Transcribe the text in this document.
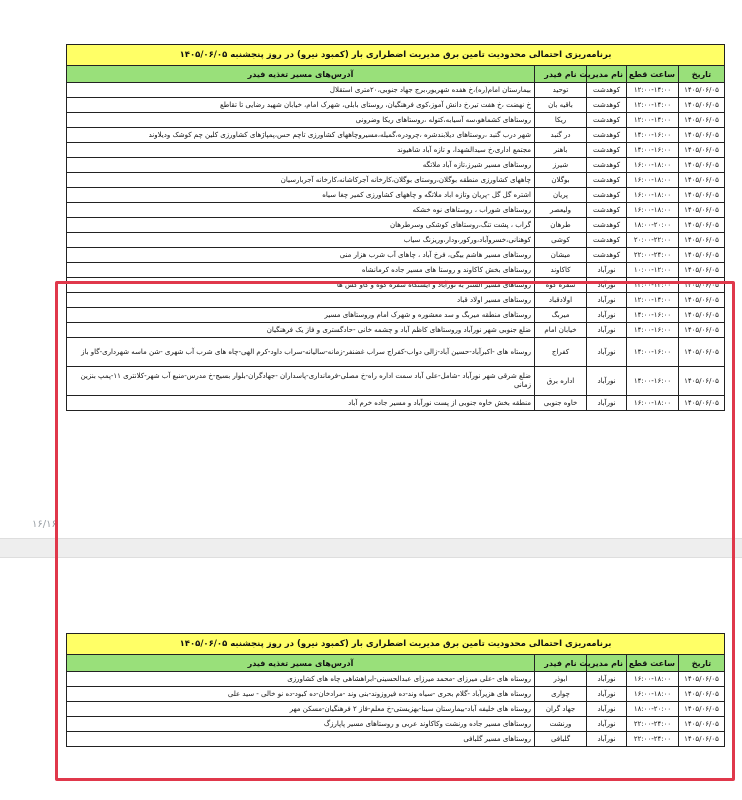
۱۶/۱۶
برنامه‌ریزی احتمالی محدودیت تامین برق مدیریت اضطراری بار (کمبود نیرو) در روز پنجشنبه ۱۴۰۵/۰۶/۰۵				
تاریخ	ساعت قطع	نام مدیریت	نام فیدر	آدرس‌های مسیر تغذیه فیدر
۱۴۰۵/۰۶/۰۵	۱۲:۰۰-۱۴:۰۰	کوهدشت	توحید	بیمارستان امام(ره)،خ هفده شهریور،برج جهاد جنوبی،۲۰متری استقلال
۱۴۰۵/۰۶/۰۵	۱۲:۰۰-۱۴:۰۰	کوهدشت	باقیه بان	خ نهضت ،خ هفت تیر،خ دانش آموز،کوی فرهنگیان، روستای بابلی، شهرک امام، خیابان شهید رضایی تا تقاطع
۱۴۰۵/۰۶/۰۵	۱۲:۰۰-۱۴:۰۰	کوهدشت	ریکا	روستاهای کشماهو،سه آسیابه،کتوله ،روستاهای ریکا وضرونی
۱۴۰۵/۰۶/۰۵	۱۴:۰۰-۱۶:۰۰	کوهدشت	در گنبد	شهر درب گنبد ،روستاهای دیلابندشره ،چرودره،گمیله،مسیروچاههای کشاورزی تاچم حس،پمپاژهای کشاورزی کلین چم کوشک ودیلاوند
۱۴۰۵/۰۶/۰۵	۱۴:۰۰-۱۶:۰۰	کوهدشت	باهنر	مجتمع اداری،خ سیدالشهدا، و تازه آباد شاهیوند
۱۴۰۵/۰۶/۰۵	۱۶:۰۰-۱۸:۰۰	کوهدشت	شیرز	روستاهای مسیر شیرز،تازه آباد ملاتگه
۱۴۰۵/۰۶/۰۵	۱۶:۰۰-۱۸:۰۰	کوهدشت	بوگلان	چاههای کشاورزی منطقه بوگلان،روستای بوگلان،کارخانه آجرکاشانه،کارخانه آجربارسیان
۱۴۰۵/۰۶/۰۵	۱۶:۰۰-۱۸:۰۰	کوهدشت	پریان	اشتره گل گل -پریان وتازه اباد ملاتگه و چاههای کشاورزی کمیر چغا سیاه
۱۴۰۵/۰۶/۰۵	۱۶:۰۰-۱۸:۰۰	کوهدشت	ولیعصر	روستاهای شوراب ، روستاهای نوه خشکه
۱۴۰۵/۰۶/۰۵	۱۸:۰۰-۲۰:۰۰	کوهدشت	طرهان	گراب ، پشت تنگ،روستاهای کوشکی وسرطرهان
۱۴۰۵/۰۶/۰۵	۲۰:۰۰-۲۲:۰۰	کوهدشت	کوشی	کوهنانی،خسروآباد،ورکور،ودار،وریزنگ سیاب
۱۴۰۵/۰۶/۰۵	۲۲:۰۰-۲۴:۰۰	کوهدشت	میشان	روستاهای مسیر هاشم بیگی، فرخ آباد ، چاهای آب شرب هزار منی
۱۴۰۵/۰۶/۰۵	۱۰:۰۰-۱۲:۰۰	نورآباد	کاکاوند	روستاهای بخش کاکاوند و روستا های مسیر جاده کرمانشاه
۱۴۰۵/۰۶/۰۵	۱۲:۰۰-۱۴:۰۰	نورآباد	سفره کوه	روستاهای مسیر الشتر به نورآباد و ایستگاه سفره کوه و گاو کش ها
۱۴۰۵/۰۶/۰۵	۱۲:۰۰-۱۴:۰۰	نورآباد	اولادقباد	روستاهای مسیر اولاد قباد
۱۴۰۵/۰۶/۰۵	۱۴:۰۰-۱۶:۰۰	نورآباد	میربگ	روستاهای منطقه میربگ و سد معشوره و شهرک امام وروستاهای مسیر
۱۴۰۵/۰۶/۰۵	۱۴:۰۰-۱۶:۰۰	نورآباد	خیابان امام	ضلع جنوبی شهر نورآباد وروستاهای کاظم آباد و چشمه خانی -حادگستری و فاز یک فرهنگیان
۱۴۰۵/۰۶/۰۵	۱۴:۰۰-۱۶:۰۰	نورآباد	کفراج	روستاه های -اکبرآباد-حسین آباد-زالی دواب-کفراج سراب غضنفر-زمانه-سالیانه-سراب داود-کرم الهی-چاه های شرب آب شهری -شن ماسه شهرداری-گاو باز
۱۴۰۵/۰۶/۰۵	۱۴:۰۰-۱۶:۰۰	نورآباد	اداره برق	ضلع شرقی شهر نورآباد -شامل-علی آباد سمت اداره راه-خ مصلی-فرمانداری-پاسداران -جهادگران-بلوار بسیج-خ مدرس-منبع آب شهر-کلانتری ۱۱-پمپ بنزین زمانی
۱۴۰۵/۰۶/۰۵	۱۶:۰۰-۱۸:۰۰	نورآباد	خاوه جنوبی	منطقه بخش خاوه جنوبی از پست نورآباد و مسیر جاده خرم آباد
برنامه‌ریزی احتمالی محدودیت تامین برق مدیریت اضطراری بار (کمبود نیرو) در روز پنجشنبه ۱۴۰۵/۰۶/۰۵				
تاریخ	ساعت قطع	نام مدیریت	نام فیدر	آدرس‌های مسیر تغذیه فیدر
۱۴۰۵/۰۶/۰۵	۱۶:۰۰-۱۸:۰۰	نورآباد	ابوذر	روستاه های -علی میرزای -محمد میرزای عبدالحسینی-ابراهشاهی چاه های کشاورزی
۱۴۰۵/۰۶/۰۵	۱۶:۰۰-۱۸:۰۰	نورآباد	چواری	روستاه های هزیرآباد -گلام بحری -سیاه وند-ده فیروزوند-بنی وند -مرادخان-ده کبود-ده نو خالی - سید علی
۱۴۰۵/۰۶/۰۵	۱۸:۰۰-۲۰:۰۰	نورآباد	جهاد گران	روستاه های خلیفه آباد-بیمارستان سینا-بهزیستی-خ معلم-فاز ۲ فرهنگیان-مسکن مهر
۱۴۰۵/۰۶/۰۵	۲۲:۰۰-۲۴:۰۰	نورآباد	ورنشت	روستاهای مسیر جاده ورنشت وکاکاوند عربی و روستاهای مسیر پاپارزگ
۱۴۰۵/۰۶/۰۵	۲۲:۰۰-۲۴:۰۰	نورآباد	گلبافی	روستاهای مسیر گلبافی
